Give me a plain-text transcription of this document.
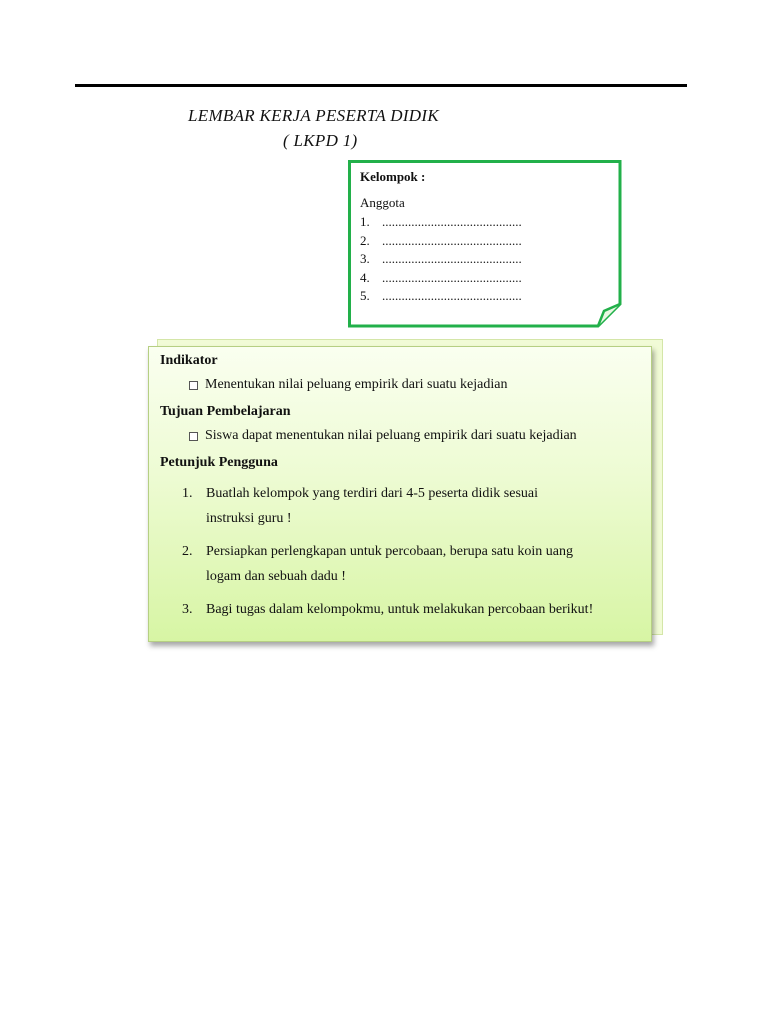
LEMBAR KERJA PESERTA DIDIK
( LKPD 1)
Kelompok :
Anggota
1. ...........................................
2. ...........................................
3. ...........................................
4. ...........................................
5. ...........................................
Indikator
Menentukan nilai peluang empirik dari suatu kejadian
Tujuan Pembelajaran
Siswa dapat menentukan nilai peluang empirik dari suatu kejadian
Petunjuk Pengguna
1. Buatlah kelompok yang terdiri dari 4-5 peserta didik sesuai
instruksi guru !
2. Persiapkan perlengkapan untuk percobaan, berupa satu koin uang
logam dan sebuah dadu !
3. Bagi tugas dalam kelompokmu, untuk melakukan percobaan berikut!
